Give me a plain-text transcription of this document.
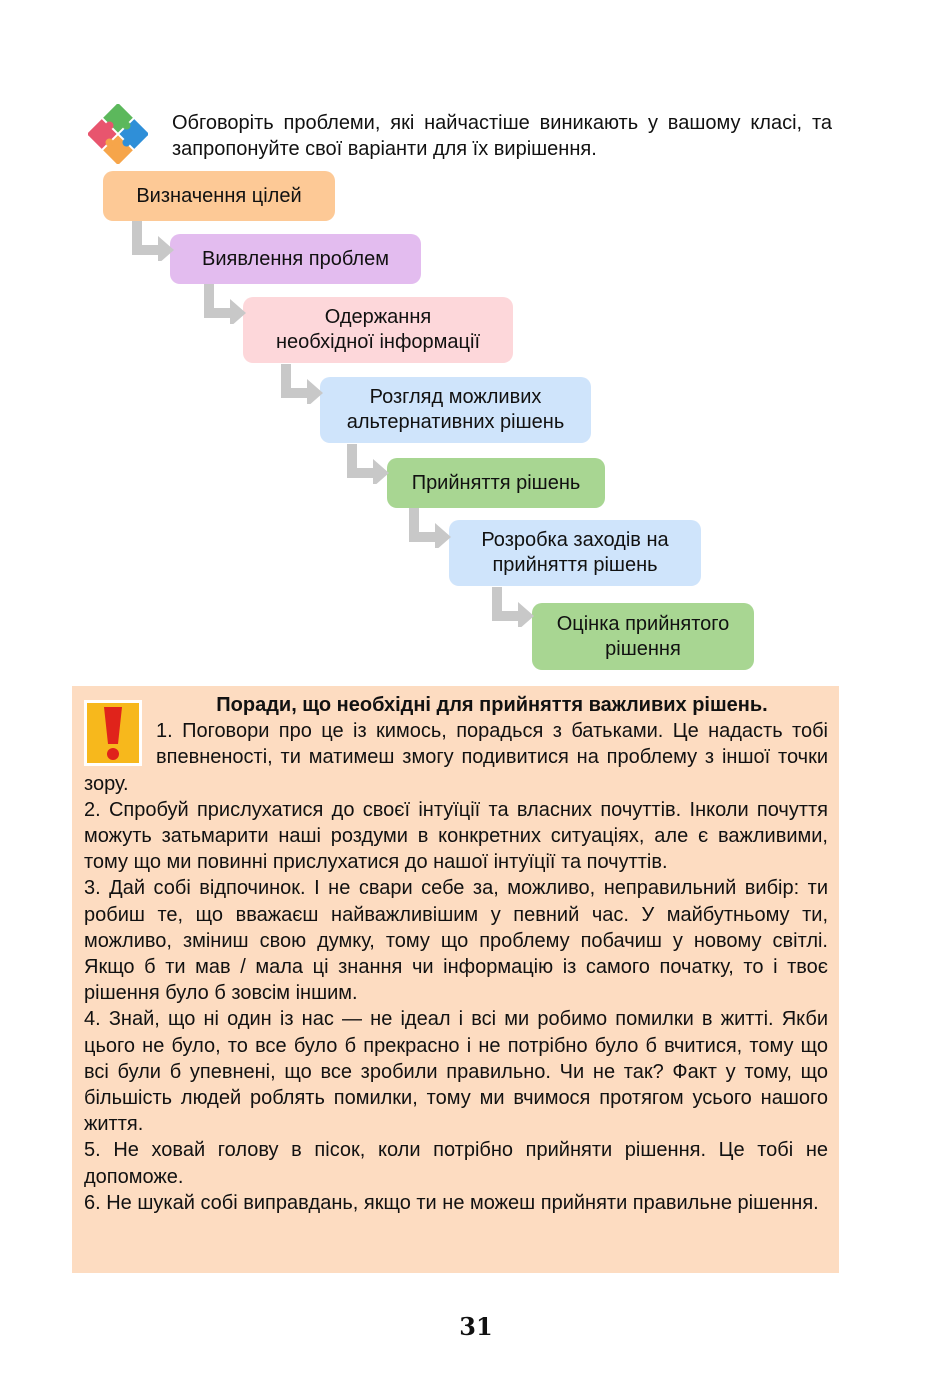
Обговоріть проблеми, які найчастіше виникають у вашому класі, та запропонуйте свої варіанти для їх вирішення.

Визначення цілей
Виявлення проблем
Одержання
необхідної інформації
Розгляд можливих
альтернативних рішень
Прийняття рішень
Розробка заходів на
прийняття рішень
Оцінка прийнятого
рішення

Поради, що необхідні для прийняття важливих рішень.

1. Поговори про це із кимось, порадься з батьками. Це надасть тобі впевненості, ти матимеш змогу подивитися на проблему з іншої точки зору.

2. Спробуй прислухатися до своєї інтуїції та власних почуттів. Інколи почуття можуть затьмарити наші роздуми в конкретних ситуаціях, але є важливими, тому що ми повинні прислухатися до нашої інтуїції та почуттів.

3. Дай собі відпочинок. І не свари себе за, можливо, неправильний вибір: ти робиш те, що вважаєш найважливішим у певний час. У майбутньому ти, можливо, зміниш свою думку, тому що проблему побачиш у новому світлі. Якщо б ти мав / мала ці знання чи інформацію із самого початку, то і твоє рішення було б зовсім іншим.

4. Знай, що ні один із нас — не ідеал і всі ми робимо помилки в житті. Якби цього не було, то все було б прекрасно і не потрібно було б вчитися, тому що всі були б упевнені, що все зробили правильно. Чи не так? Факт у тому, що більшість людей роблять помилки, тому ми вчимося протягом усього нашого життя.

5. Не ховай голову в пісок, коли потрібно прийняти рішення. Це тобі не допоможе.

6. Не шукай собі виправдань, якщо ти не можеш прийняти правильне рішення.

31
